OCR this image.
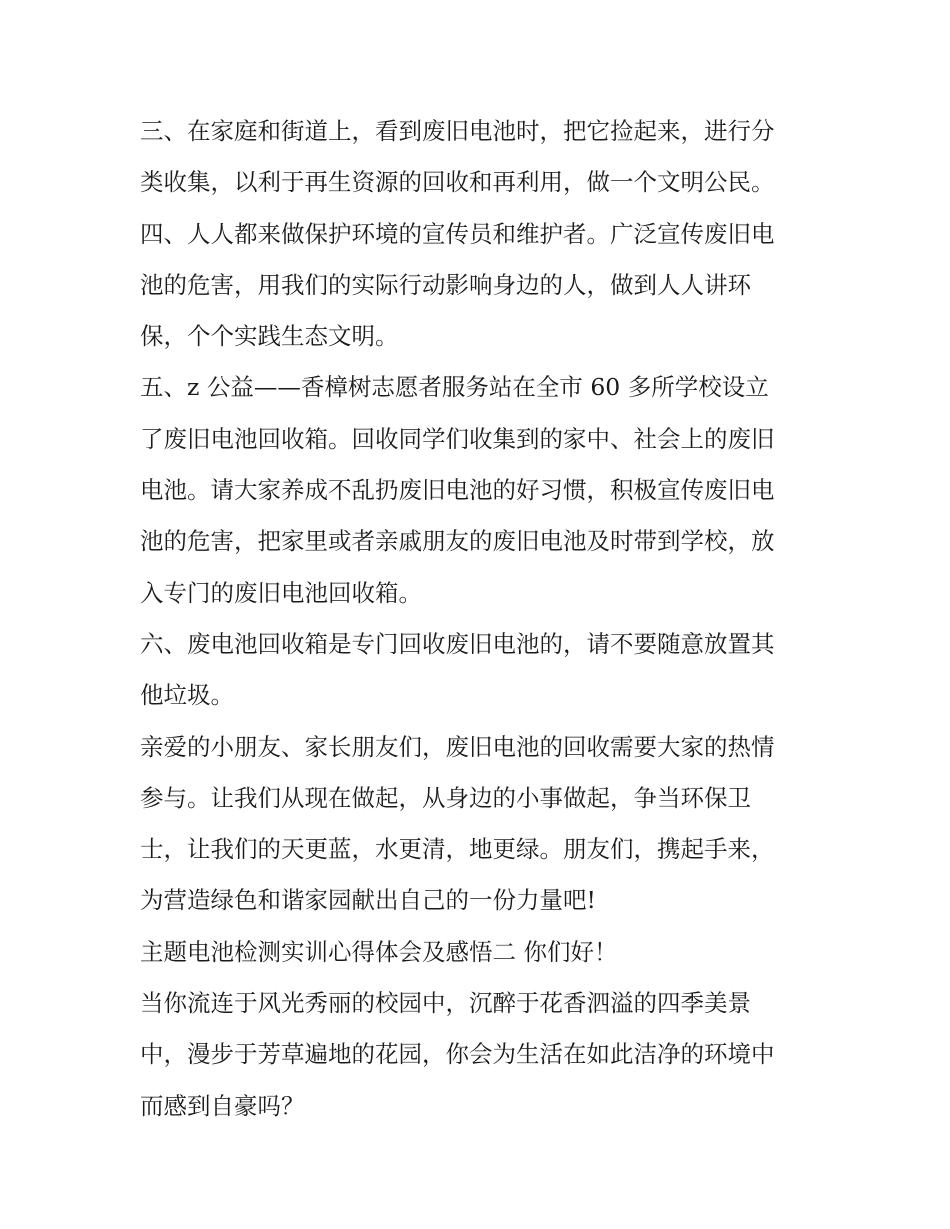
三、在家庭和街道上，看到废旧电池时，把它捡起来，进行分
类收集，以利于再生资源的回收和再利用，做一个文明公民。
四、人人都来做保护环境的宣传员和维护者。广泛宣传废旧电
池的危害，用我们的实际行动影响身边的人，做到人人讲环
保，个个实践生态文明。
五、z 公益——香樟树志愿者服务站在全市 60 多所学校设立
了废旧电池回收箱。回收同学们收集到的家中、社会上的废旧
电池。请大家养成不乱扔废旧电池的好习惯，积极宣传废旧电
池的危害，把家里或者亲戚朋友的废旧电池及时带到学校，放
入专门的废旧电池回收箱。
六、废电池回收箱是专门回收废旧电池的，请不要随意放置其
他垃圾。
亲爱的小朋友、家长朋友们，废旧电池的回收需要大家的热情
参与。让我们从现在做起，从身边的小事做起，争当环保卫
士，让我们的天更蓝，水更清，地更绿。朋友们，携起手来，
为营造绿色和谐家园献出自己的一份力量吧!
主题电池检测实训心得体会及感悟二 你们好！
当你流连于风光秀丽的校园中，沉醉于花香泗溢的四季美景
中，漫步于芳草遍地的花园，你会为生活在如此洁净的环境中
而感到自豪吗？
